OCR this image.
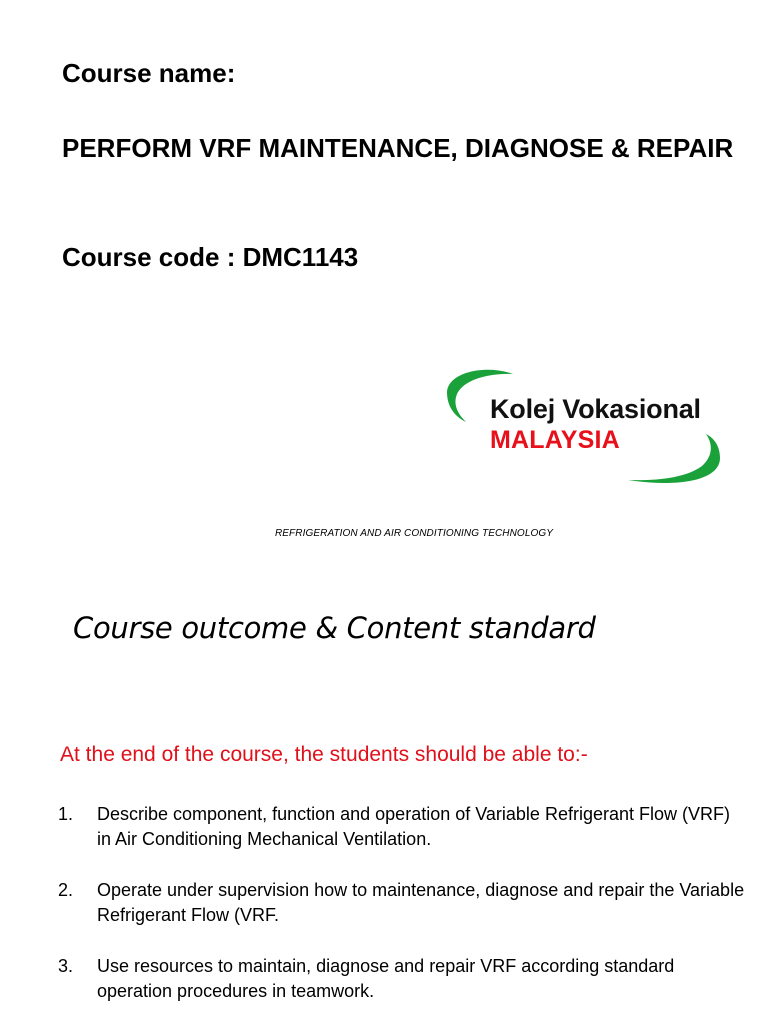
Course name:
PERFORM VRF MAINTENANCE, DIAGNOSE & REPAIR
Course code : DMC1143
Kolej Vokasional
MALAYSIA
REFRIGERATION AND AIR CONDITIONING TECHNOLOGY
Course outcome & Content standard
At the end of the course, the students should be able to:-
1. Describe component, function and operation of Variable Refrigerant Flow (VRF) in Air Conditioning Mechanical Ventilation.
2. Operate under supervision how to maintenance, diagnose and repair the Variable Refrigerant Flow (VRF.
3. Use resources to maintain, diagnose and repair VRF according standard operation procedures in teamwork.
